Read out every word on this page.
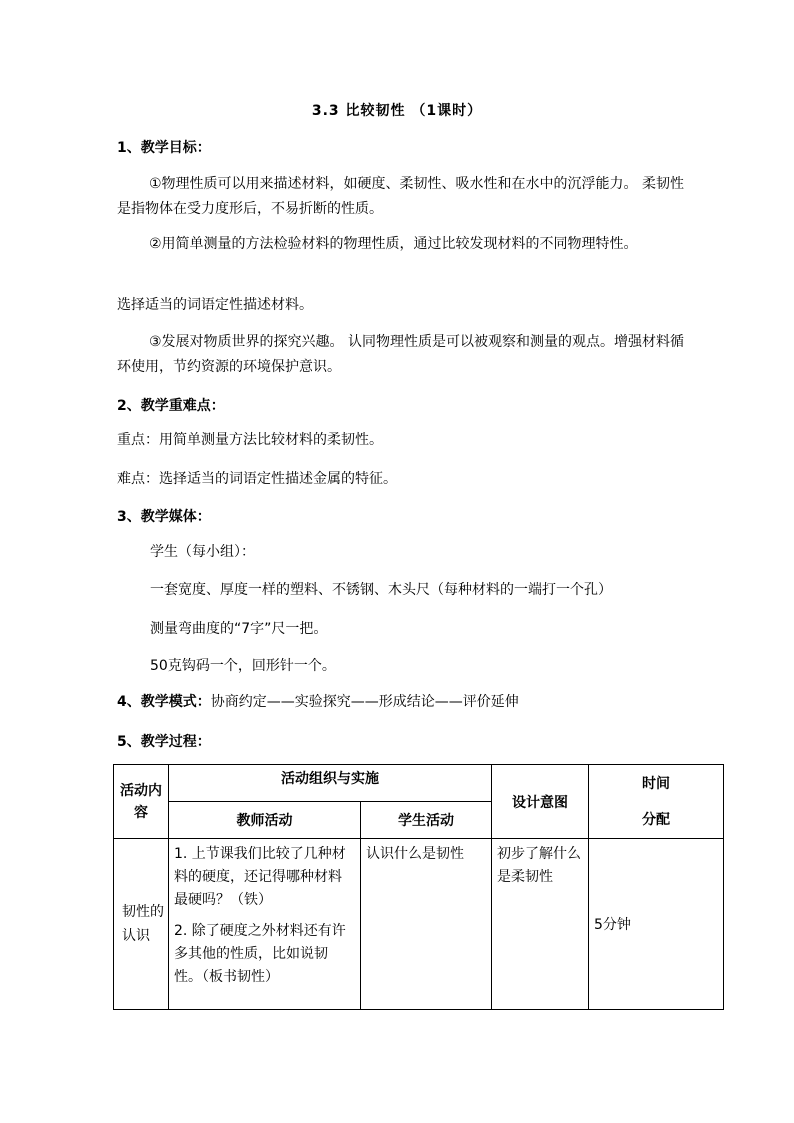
3.3 比较韧性 （1课时）
1、教学目标：
①物理性质可以用来描述材料，如硬度、柔韧性、吸水性和在水中的沉浮能力。 柔韧性是指物体在受力度形后，不易折断的性质。
②用简单测量的方法检验材料的物理性质，通过比较发现材料的不同物理特性。
选择适当的词语定性描述材料。
③发展对物质世界的探究兴趣。 认同物理性质是可以被观察和测量的观点。增强材料循环使用，节约资源的环境保护意识。
2、教学重难点：
重点：用简单测量方法比较材料的柔韧性。
难点：选择适当的词语定性描述金属的特征。
3、教学媒体：
学生（每小组）：
一套宽度、厚度一样的塑料、不锈钢、木头尺（每种材料的一端打一个孔）
测量弯曲度的“7字”尺一把。
50克钩码一个，回形针一个。
4、教学模式：协商约定——实验探究——形成结论——评价延伸
5、教学过程：
活动内容	活动组织与实施		设计意图	时间
分配

	教师活动	学生活动		
韧性的认识	1. 上节课我们比较了几种材料的硬度，还记得哪种材料最硬吗？（铁）
2. 除了硬度之外材料还有许多其他的性质，比如说韧性。（板书韧性）	认识什么是韧性	初步了解什么是柔韧性	5分钟
